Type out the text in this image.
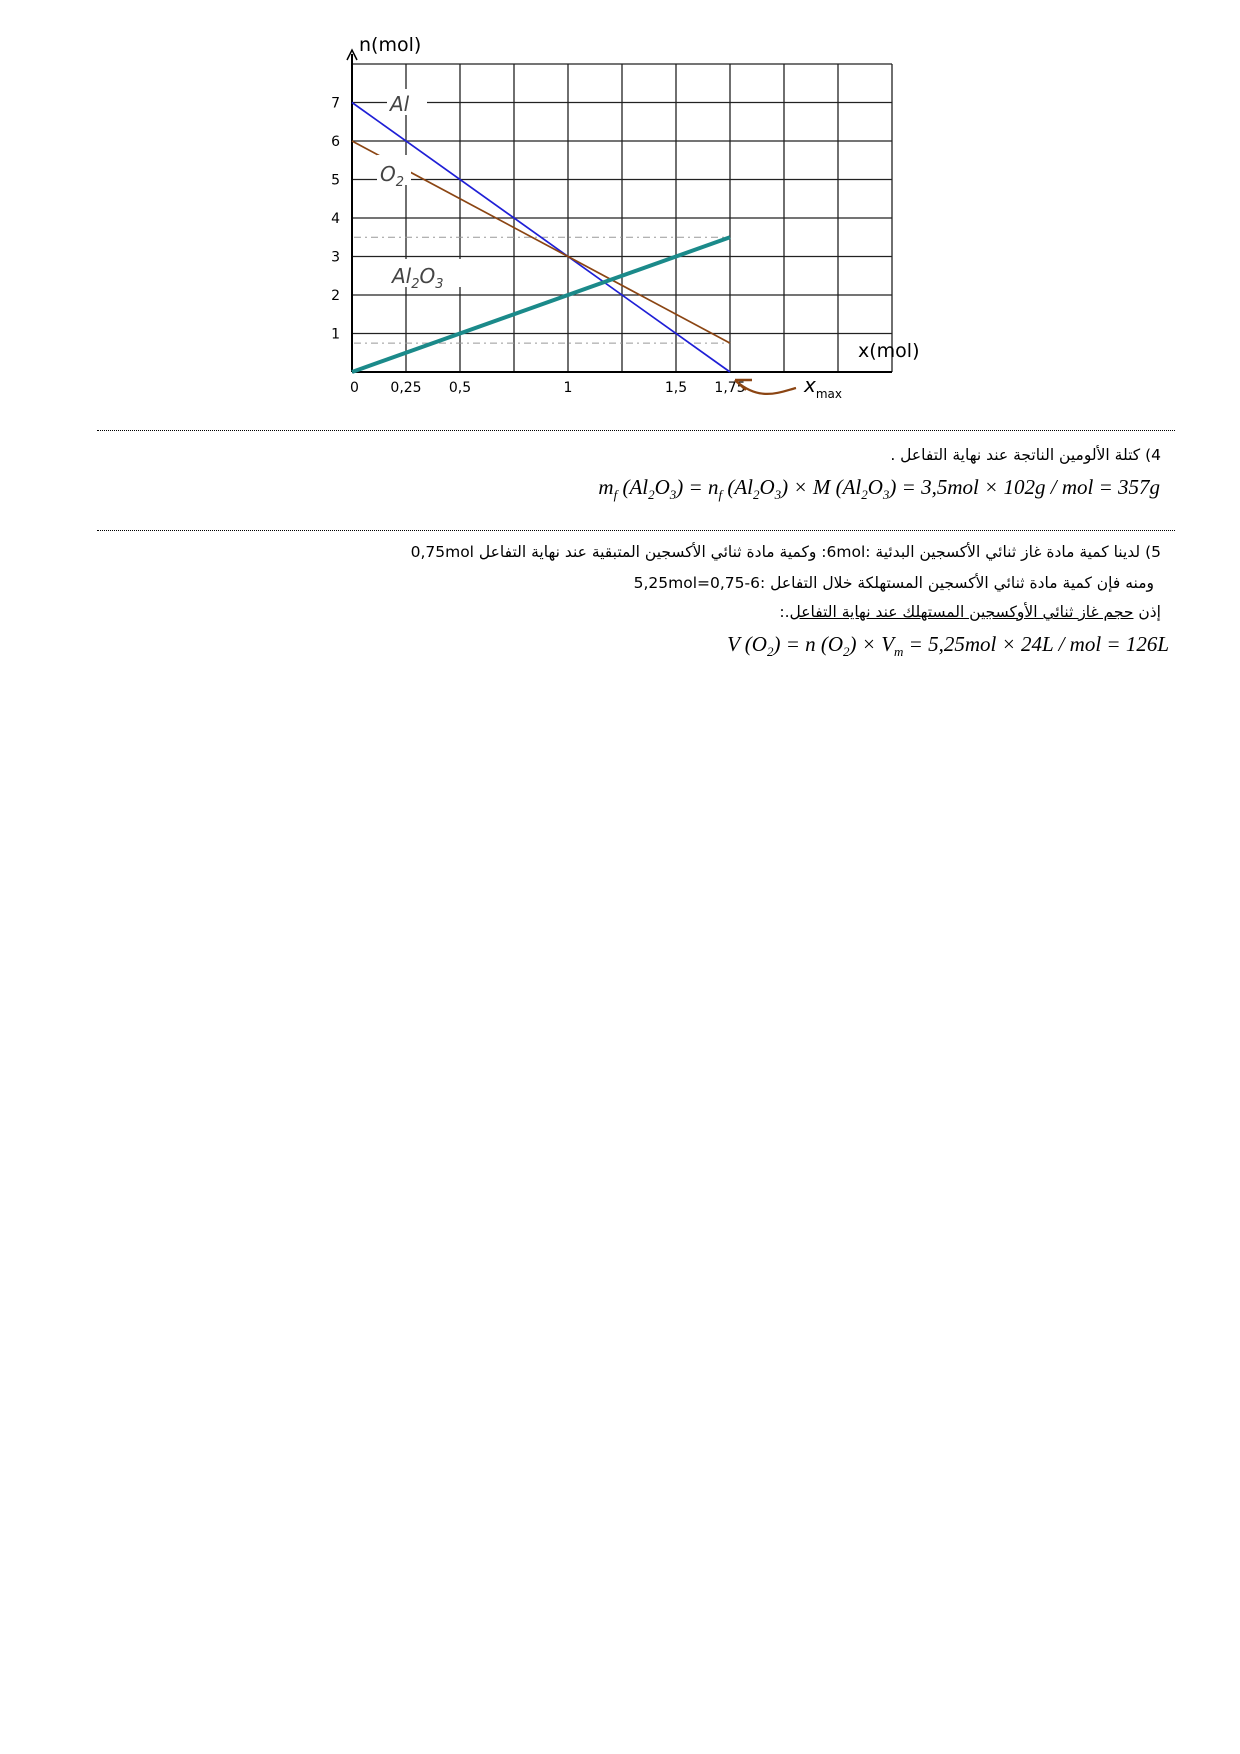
n(mol)
x(mol)
1
2
3
4
5
6
7
0 0,25 0,5	1	1,5 1,75
Al
$O_2$
$Al_2O_3$
$x_{max}$
4) كتلة الألومين الناتجة عند نهاية التفاعل .
$m_f$ $(Al_2O_3) = n_f$ $(Al_2O_3) \times M$ $(Al_2O_3) = 3,5mol \times 102g$ / mol = 357g
5) لدينا كمية مادة غاز ثنائي الأكسجين البدئية :6mol: وكمية مادة ثنائي الأكسجين المتبقية عند نهاية التفاعل 0,75mol
ومنه فإن كمية مادة ثنائي الأكسجين المستهلكة خلال التفاعل :6-0,75=5,25mol
إذن حجم غاز ثنائي الأوكسجين المستهلك عند نهاية التفاعل.:
V $(O_2) = n$ $(O_2) \times V_m = 5,25mol \times 24L$ / mol = 126L
